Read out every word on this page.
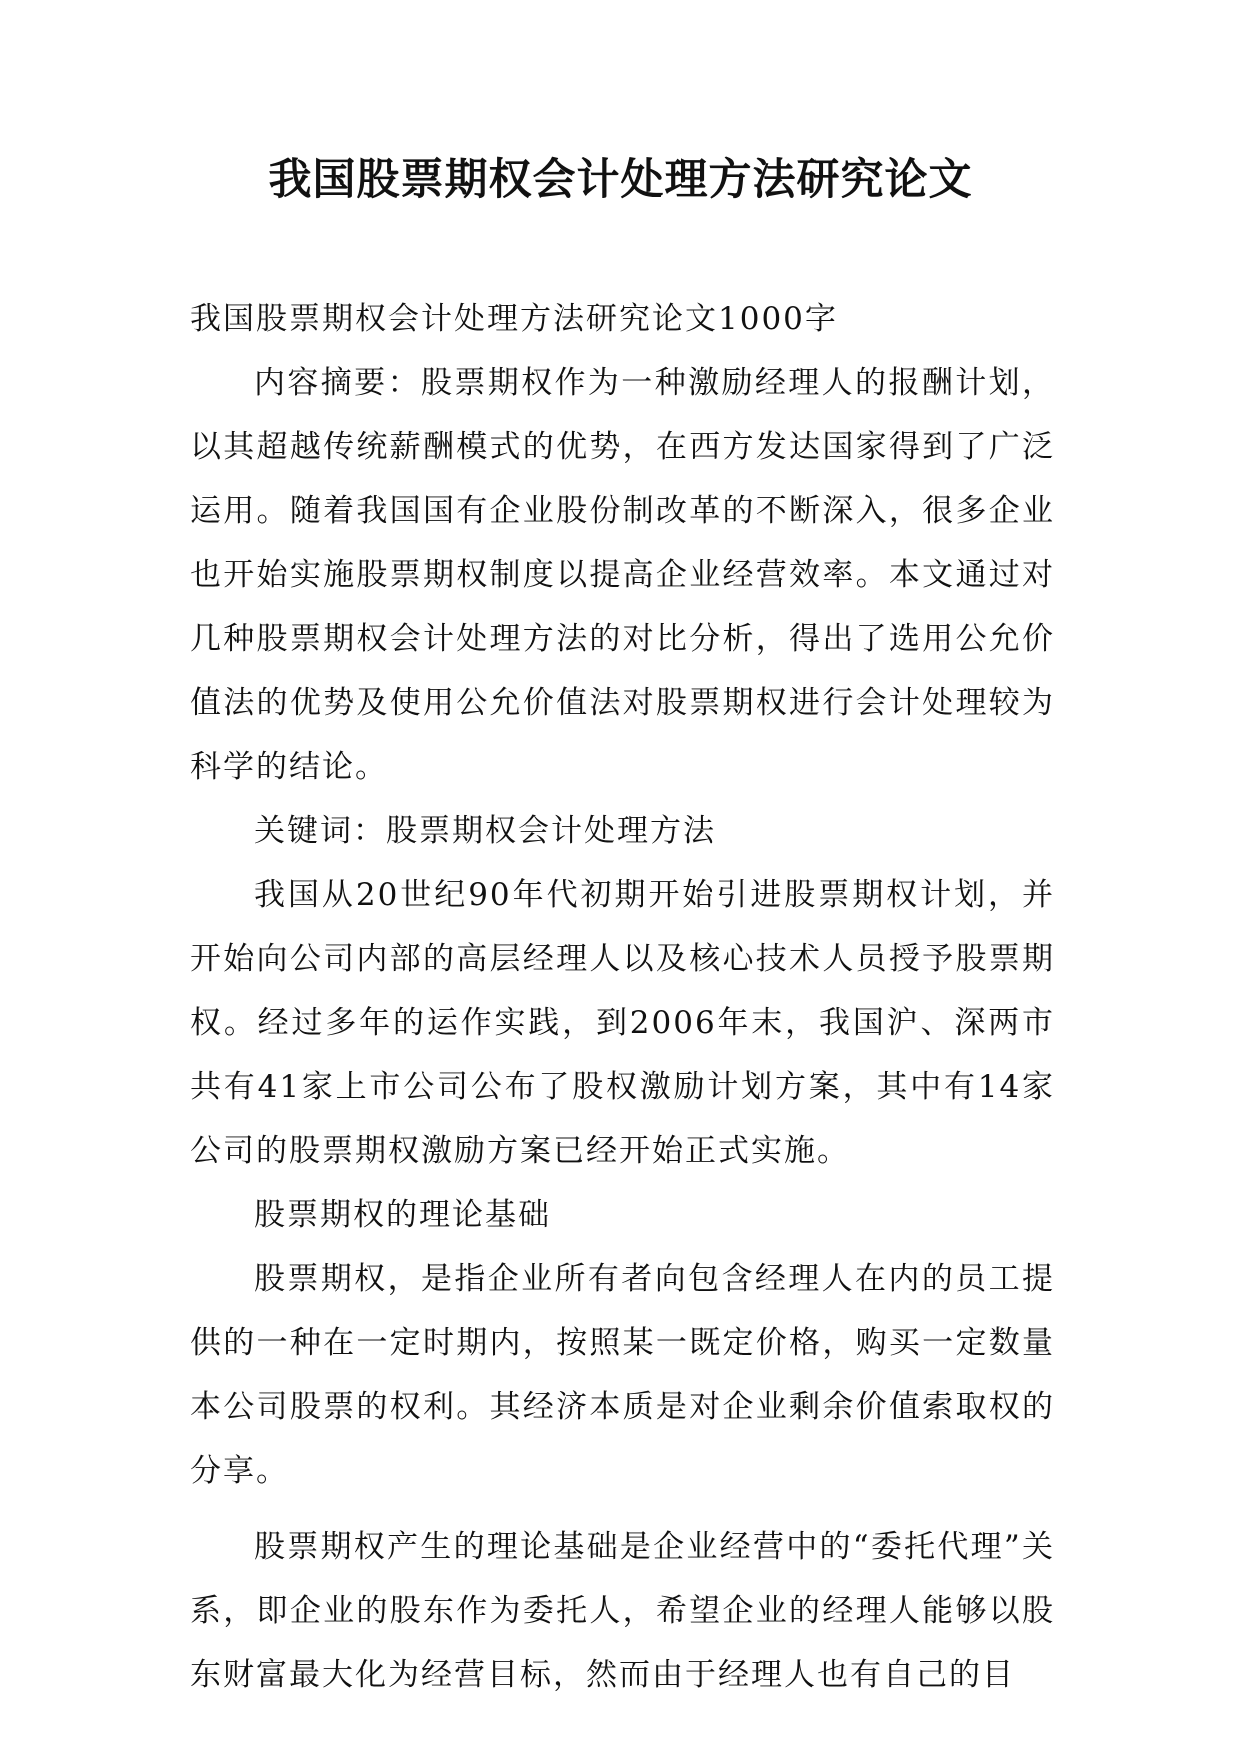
我国股票期权会计处理方法研究论文

我国股票期权会计处理方法研究论文1000字

内容摘要：股票期权作为一种激励经理人的报酬计划，以其超越传统薪酬模式的优势，在西方发达国家得到了广泛运用。随着我国国有企业股份制改革的不断深入，很多企业也开始实施股票期权制度以提高企业经营效率。本文通过对几种股票期权会计处理方法的对比分析，得出了选用公允价值法的优势及使用公允价值法对股票期权进行会计处理较为科学的结论。

关键词：股票期权会计处理方法

我国从20世纪90年代初期开始引进股票期权计划，并开始向公司内部的高层经理人以及核心技术人员授予股票期权。经过多年的运作实践，到2006年末，我国沪、深两市共有41家上市公司公布了股权激励计划方案，其中有14家公司的股票期权激励方案已经开始正式实施。

股票期权的理论基础

股票期权，是指企业所有者向包含经理人在内的员工提供的一种在一定时期内，按照某一既定价格，购买一定数量本公司股票的权利。其经济本质是对企业剩余价值索取权的分享。

股票期权产生的理论基础是企业经营中的“委托代理”关系，即企业的股东作为委托人，希望企业的经理人能够以股东财富最大化为经营目标，然而由于经理人也有自己的目
